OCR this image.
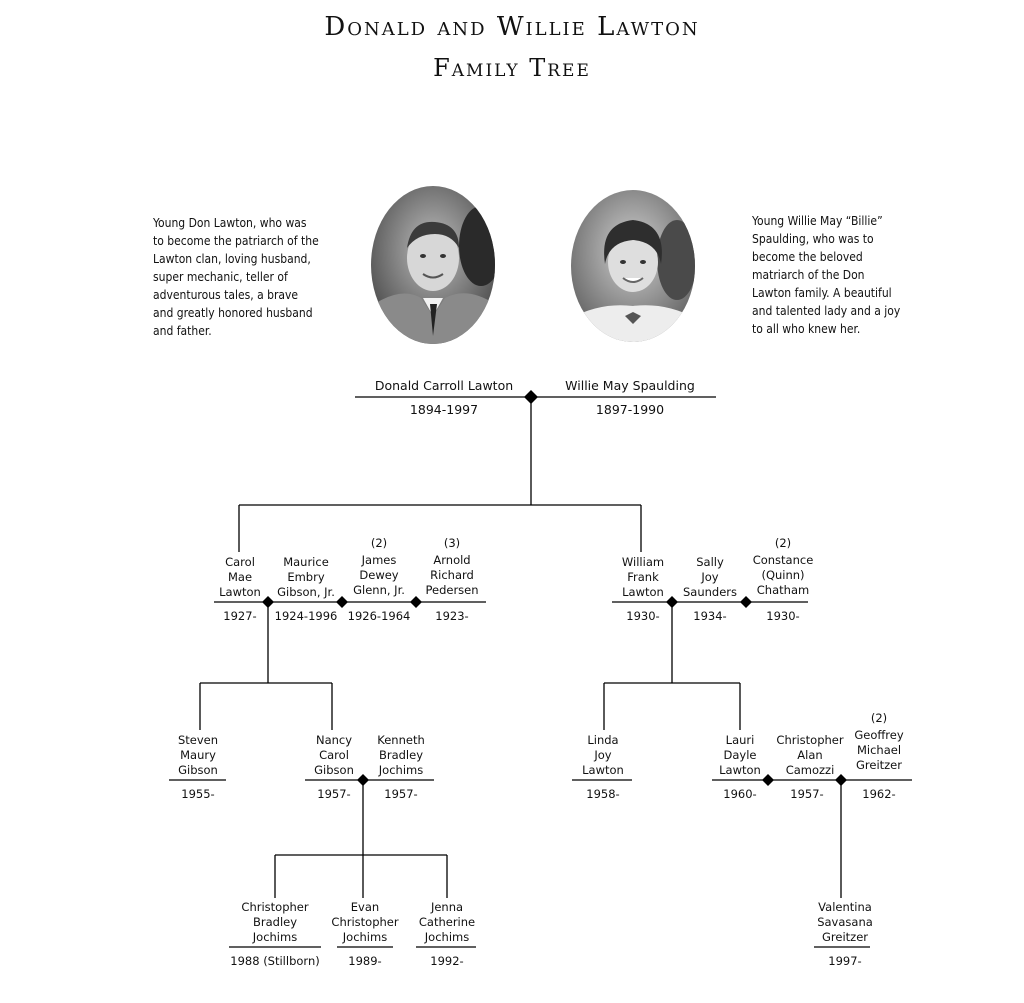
Donald and Willie Lawton
Family Tree
Young Don Lawton, who was
to become the patriarch of the
Lawton clan, loving husband,
super mechanic, teller of
adventurous tales, a brave
and greatly honored husband
and father.
Young Willie May “Billie”
Spaulding, who was to
become the beloved
matriarch of the Don
Lawton family. A beautiful
and talented lady and a joy
to all who knew her.
Donald Carroll Lawton
1894-1997
Willie May Spaulding
1897-1990
Carol
Mae
Lawton
1927-
Maurice
Embry
Gibson, Jr.
1924-1996
(2)
James
Dewey
Glenn, Jr.
1926-1964
(3)
Arnold
Richard
Pedersen
1923-
William
Frank
Lawton
1930-
Sally
Joy
Saunders
1934-
(2)
Constance
(Quinn)
Chatham
1930-
Steven
Maury
Gibson
1955-
Nancy
Carol
Gibson
1957-
Kenneth
Bradley
Jochims
1957-
Linda
Joy
Lawton
1958-
Lauri
Dayle
Lawton
1960-
Christopher
Alan
Camozzi
1957-
(2)
Geoffrey
Michael
Greitzer
1962-
Christopher
Bradley
Jochims
1988 (Stillborn)
Evan
Christopher
Jochims
1989-
Jenna
Catherine
Jochims
1992-
Valentina
Savasana
Greitzer
1997-
